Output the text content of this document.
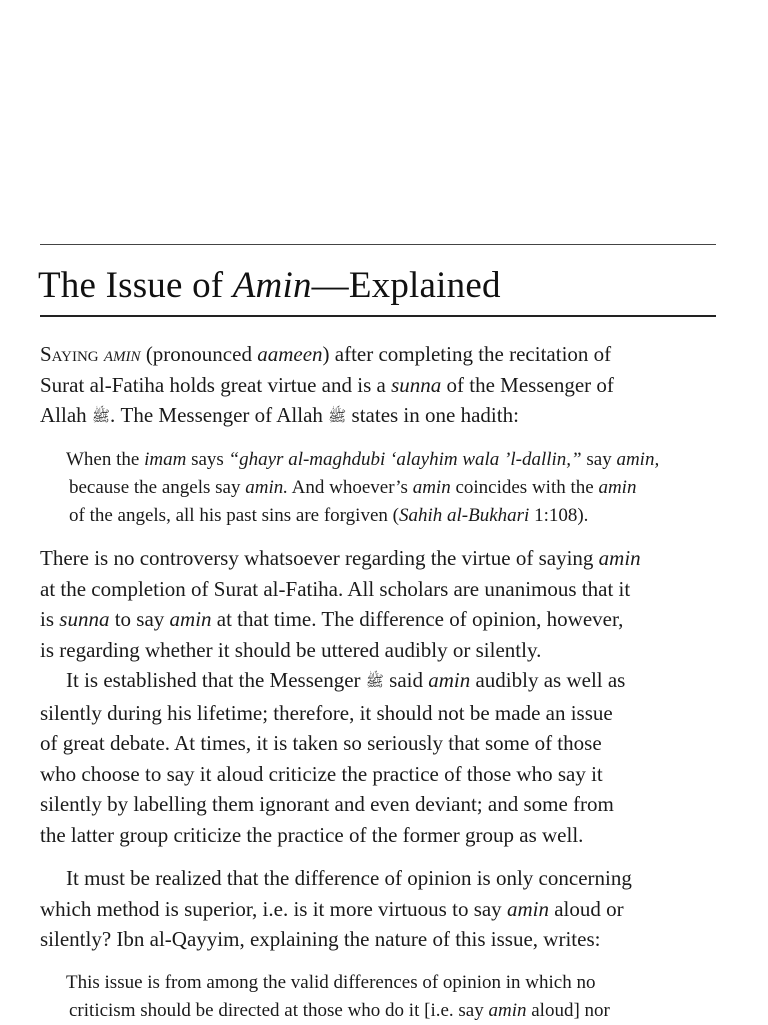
The Issue of Amin—Explained
Saying amin (pronounced aameen) after completing the recitation of
Surat al-Fatiha holds great virtue and is a sunna of the Messenger of
Allah ﷺ. The Messenger of Allah ﷺ states in one hadith:
When the imam says “ghayr al-maghdubi ‘alayhim wala ’l-dallin,” say amin,
because the angels say amin. And whoever’s amin coincides with the amin
of the angels, all his past sins are forgiven (Sahih al-Bukhari 1:108).
There is no controversy whatsoever regarding the virtue of saying amin
at the completion of Surat al-Fatiha. All scholars are unanimous that it
is sunna to say amin at that time. The difference of opinion, however,
is regarding whether it should be uttered audibly or silently.
It is established that the Messenger ﷺ said amin audibly as well as
silently during his lifetime; therefore, it should not be made an issue
of great debate. At times, it is taken so seriously that some of those
who choose to say it aloud criticize the practice of those who say it
silently by labelling them ignorant and even deviant; and some from
the latter group criticize the practice of the former group as well.
It must be realized that the difference of opinion is only concerning
which method is superior, i.e. is it more virtuous to say amin aloud or
silently? Ibn al-Qayyim, explaining the nature of this issue, writes:
This issue is from among the valid differences of opinion in which no
criticism should be directed at those who do it [i.e. say amin aloud] nor
